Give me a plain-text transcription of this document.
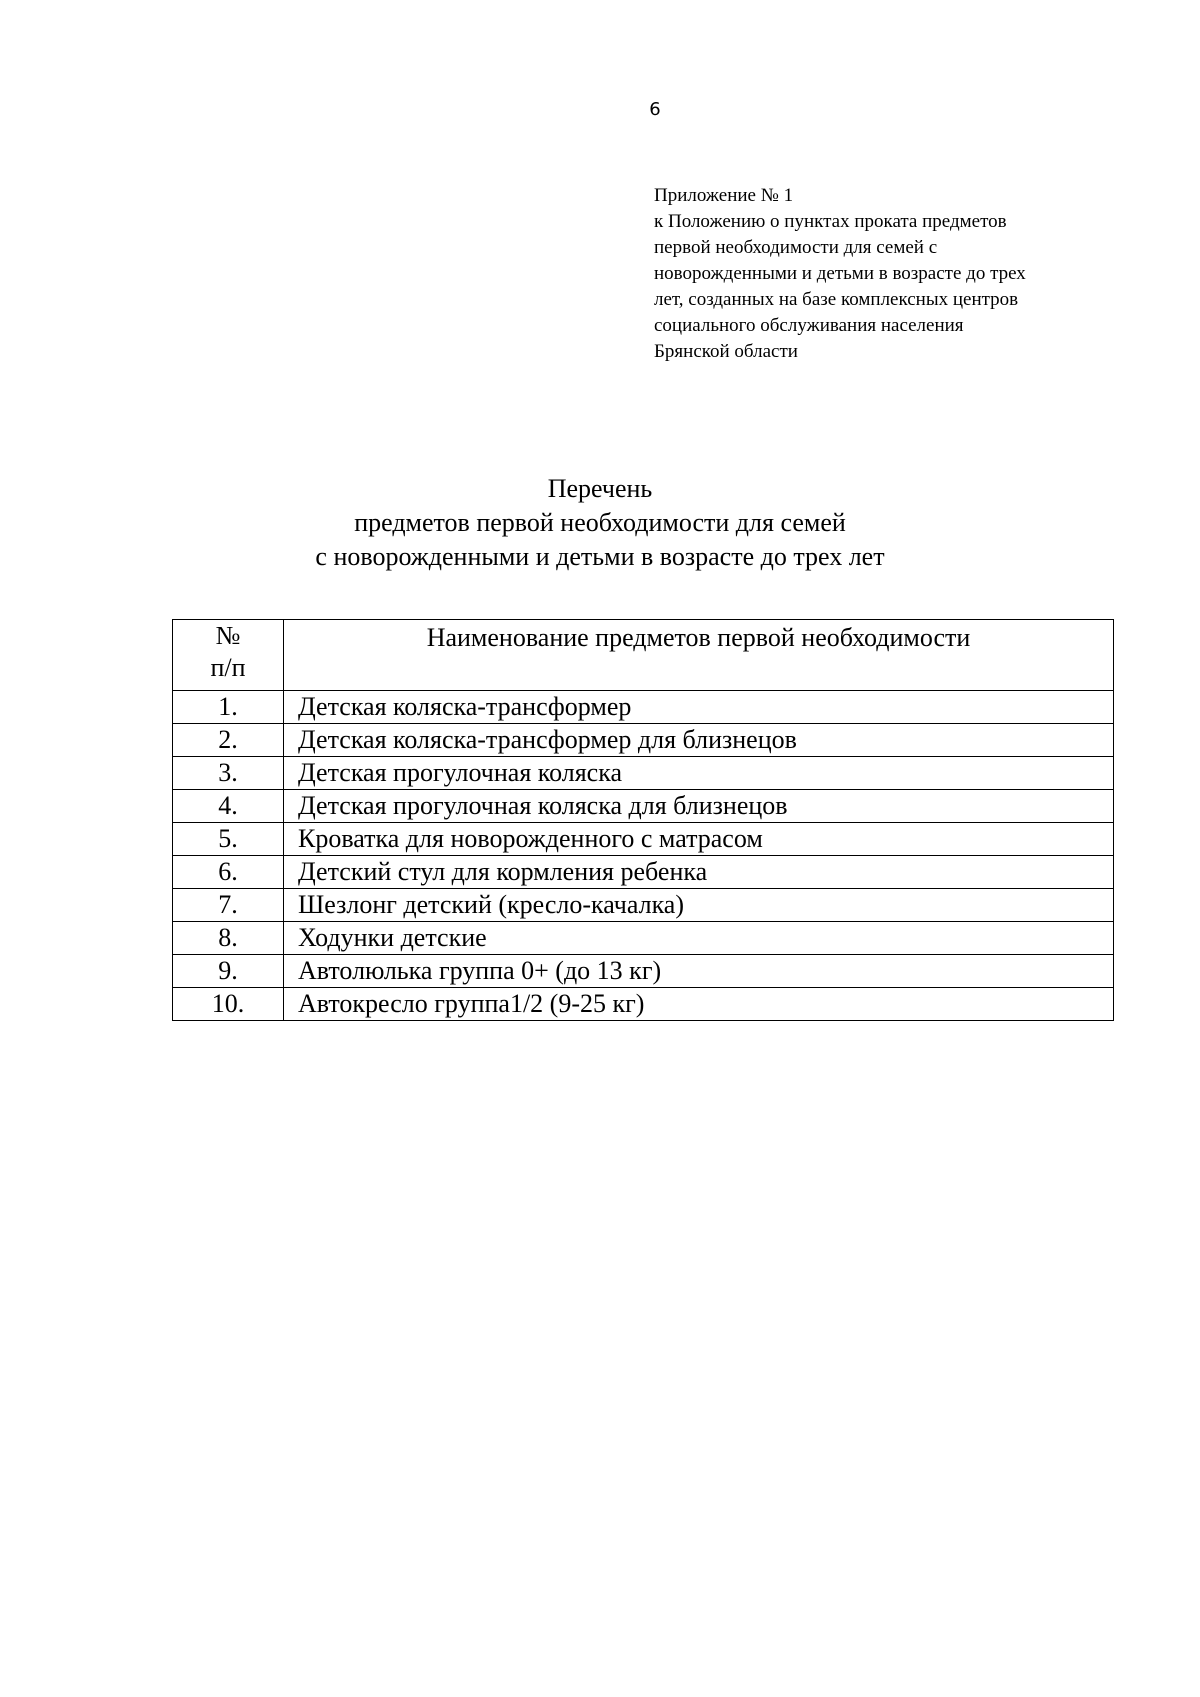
6
Приложение № 1
к Положению о пунктах проката предметов
первой необходимости для семей с
новорожденными и детьми в возрасте до трех
лет, созданных на базе комплексных центров
социального обслуживания населения
Брянской области
Перечень
предметов первой необходимости для семей
с новорожденными и детьми в возрасте до трех лет
№
п/п	Наименование предметов первой необходимости
1.	Детская коляска-трансформер
2.	Детская коляска-трансформер для близнецов
3.	Детская прогулочная коляска
4.	Детская прогулочная коляска для близнецов
5.	Кроватка для новорожденного с матрасом
6.	Детский стул для кормления ребенка
7.	Шезлонг детский (кресло-качалка)
8.	Ходунки детские
9.	Автолюлька группа 0+ (до 13 кг)
10.	Автокресло группа1/2 (9-25 кг)
